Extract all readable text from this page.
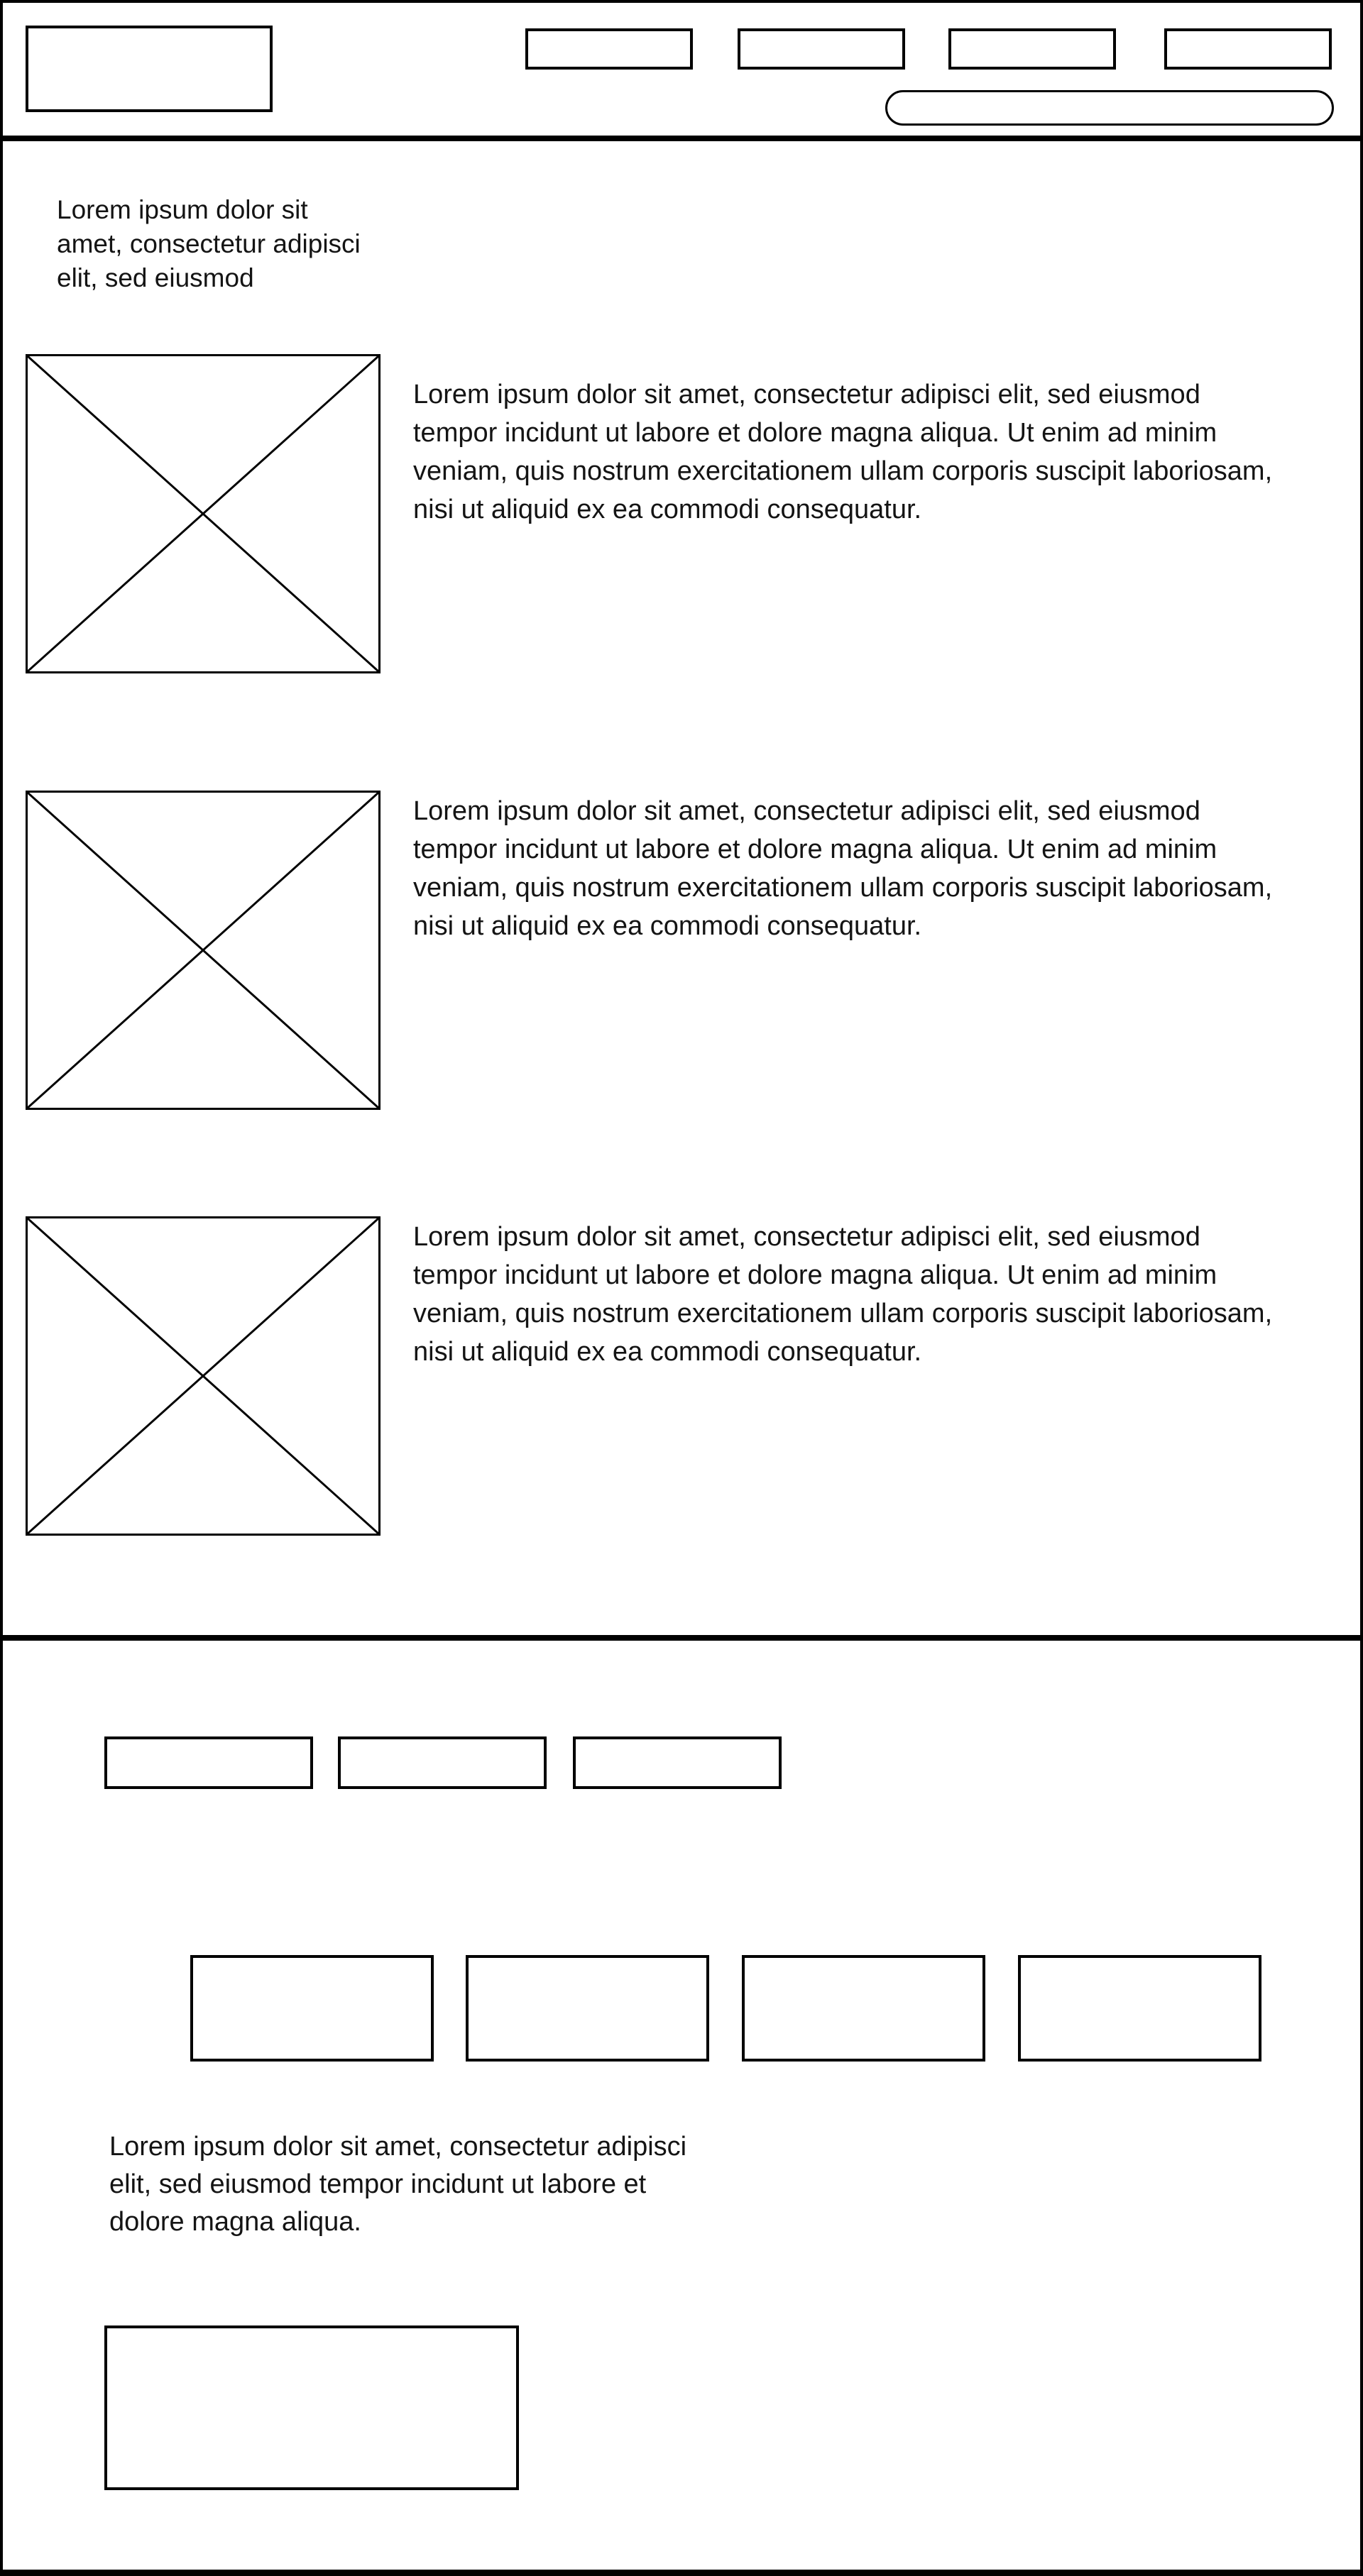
Lorem ipsum dolor sit
amet, consectetur adipisci
elit, sed eiusmod
Lorem ipsum dolor sit amet, consectetur adipisci elit, sed eiusmod
tempor incidunt ut labore et dolore magna aliqua. Ut enim ad minim
veniam, quis nostrum exercitationem ullam corporis suscipit laboriosam,
nisi ut aliquid ex ea commodi consequatur.
Lorem ipsum dolor sit amet, consectetur adipisci elit, sed eiusmod
tempor incidunt ut labore et dolore magna aliqua. Ut enim ad minim
veniam, quis nostrum exercitationem ullam corporis suscipit laboriosam,
nisi ut aliquid ex ea commodi consequatur.
Lorem ipsum dolor sit amet, consectetur adipisci elit, sed eiusmod
tempor incidunt ut labore et dolore magna aliqua. Ut enim ad minim
veniam, quis nostrum exercitationem ullam corporis suscipit laboriosam,
nisi ut aliquid ex ea commodi consequatur.
Lorem ipsum dolor sit amet, consectetur adipisci
elit, sed eiusmod tempor incidunt ut labore et
dolore magna aliqua.
